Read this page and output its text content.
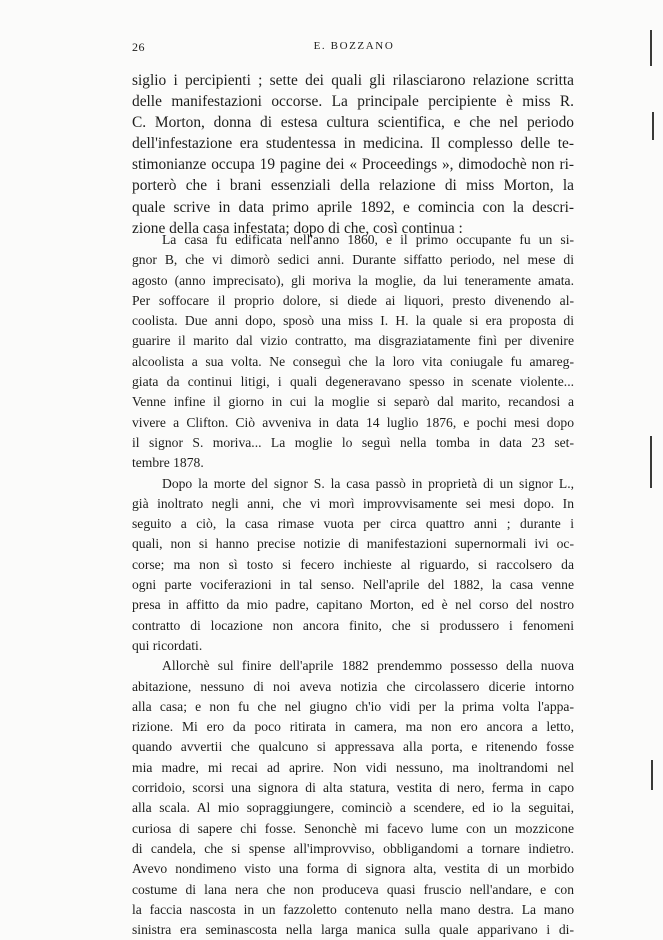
26	E. BOZZANO
siglio i percipienti ; sette dei quali gli rilasciarono relazione scritta
delle manifestazioni occorse. La principale percipiente è miss R.
C. Morton, donna di estesa cultura scientifica, e che nel periodo
dell'infestazione era studentessa in medicina. Il complesso delle te-
stimonianze occupa 19 pagine dei « Proceedings », dimodochè non ri-
porterò che i brani essenziali della relazione di miss Morton, la
quale scrive in data primo aprile 1892, e comincia con la descri-
zione della casa infestata; dopo di che, così continua :
La casa fu edificata nell'anno 1860, e il primo occupante fu un si-
gnor B, che vi dimorò sedici anni. Durante siffatto periodo, nel mese di
agosto (anno imprecisato), gli moriva la moglie, da lui teneramente amata.
Per soffocare il proprio dolore, si diede ai liquori, presto divenendo al-
coolista. Due anni dopo, sposò una miss I. H. la quale si era proposta di
guarire il marito dal vizio contratto, ma disgraziatamente finì per divenire
alcoolista a sua volta. Ne conseguì che la loro vita coniugale fu amareg-
giata da continui litigi, i quali degeneravano spesso in scenate violente...
Venne infine il giorno in cui la moglie si separò dal marito, recandosi a
vivere a Clifton. Ciò avveniva in data 14 luglio 1876, e pochi mesi dopo
il signor S. moriva... La moglie lo seguì nella tomba in data 23 set-
tembre 1878.
Dopo la morte del signor S. la casa passò in proprietà di un signor L.,
già inoltrato negli anni, che vi morì improvvisamente sei mesi dopo. In
seguito a ciò, la casa rimase vuota per circa quattro anni ; durante i
quali, non si hanno precise notizie di manifestazioni supernormali ivi oc-
corse; ma non sì tosto si fecero inchieste al riguardo, si raccolsero da
ogni parte vociferazioni in tal senso. Nell'aprile del 1882, la casa venne
presa in affitto da mio padre, capitano Morton, ed è nel corso del nostro
contratto di locazione non ancora finito, che si produssero i fenomeni
qui ricordati.
Allorchè sul finire dell'aprile 1882 prendemmo possesso della nuova
abitazione, nessuno di noi aveva notizia che circolassero dicerie intorno
alla casa; e non fu che nel giugno ch'io vidi per la prima volta l'appa-
rizione. Mi ero da poco ritirata in camera, ma non ero ancora a letto,
quando avvertii che qualcuno si appressava alla porta, e ritenendo fosse
mia madre, mi recai ad aprire. Non vidi nessuno, ma inoltrandomi nel
corridoio, scorsi una signora di alta statura, vestita di nero, ferma in capo
alla scala. Al mio sopraggiungere, cominciò a scendere, ed io la seguitai,
curiosa di sapere chi fosse. Senonchè mi facevo lume con un mozzicone
di candela, che si spense all'improvviso, obbligandomi a tornare indietro.
Avevo nondimeno visto una forma di signora alta, vestita di un morbido
costume di lana nera che non produceva quasi fruscio nell'andare, e con
la faccia nascosta in un fazzoletto contenuto nella mano destra. La mano
sinistra era seminascosta nella larga manica sulla quale apparivano i di-
